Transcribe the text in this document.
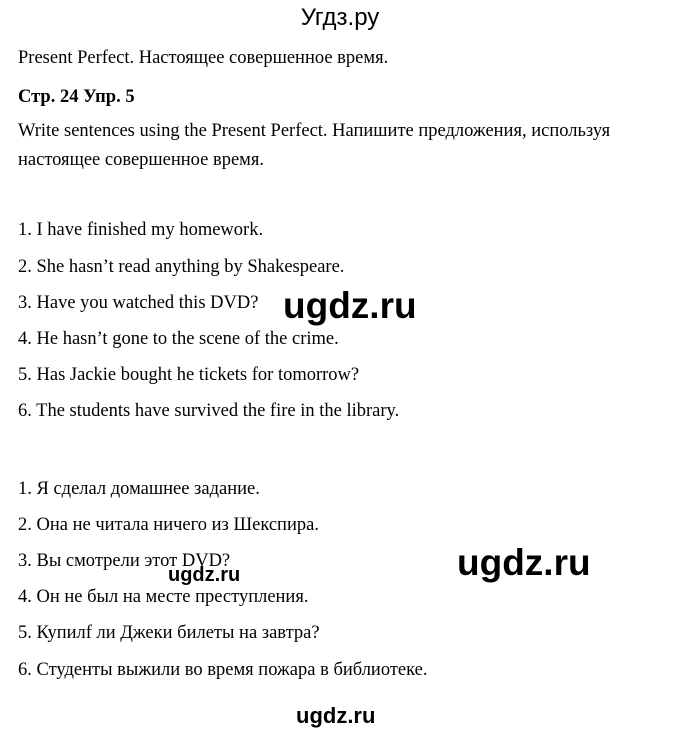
Угдз.ру
Present Perfect. Настоящее совершенное время.
Стр. 24 Упр. 5
Write sentences using the Present Perfect. Напишите предложения, используя настоящее совершенное время.
1. I have finished my homework.
2. She hasn’t read anything by Shakespeare.
3. Have you watched this DVD?
4. He hasn’t gone to the scene of the crime.
5. Has Jackie bought he tickets for tomorrow?
6. The students have survived the fire in the library.
1. Я сделал домашнее задание.
2. Она не читала ничего из Шекспира.
3. Вы смотрели этот DVD?
4. Он не был на месте преступления.
5. Купилf ли Джеки билеты на завтра?
6. Студенты выжили во время пожара в библиотеке.
ugdz.ru
ugdz.ru
ugdz.ru
ugdz.ru
